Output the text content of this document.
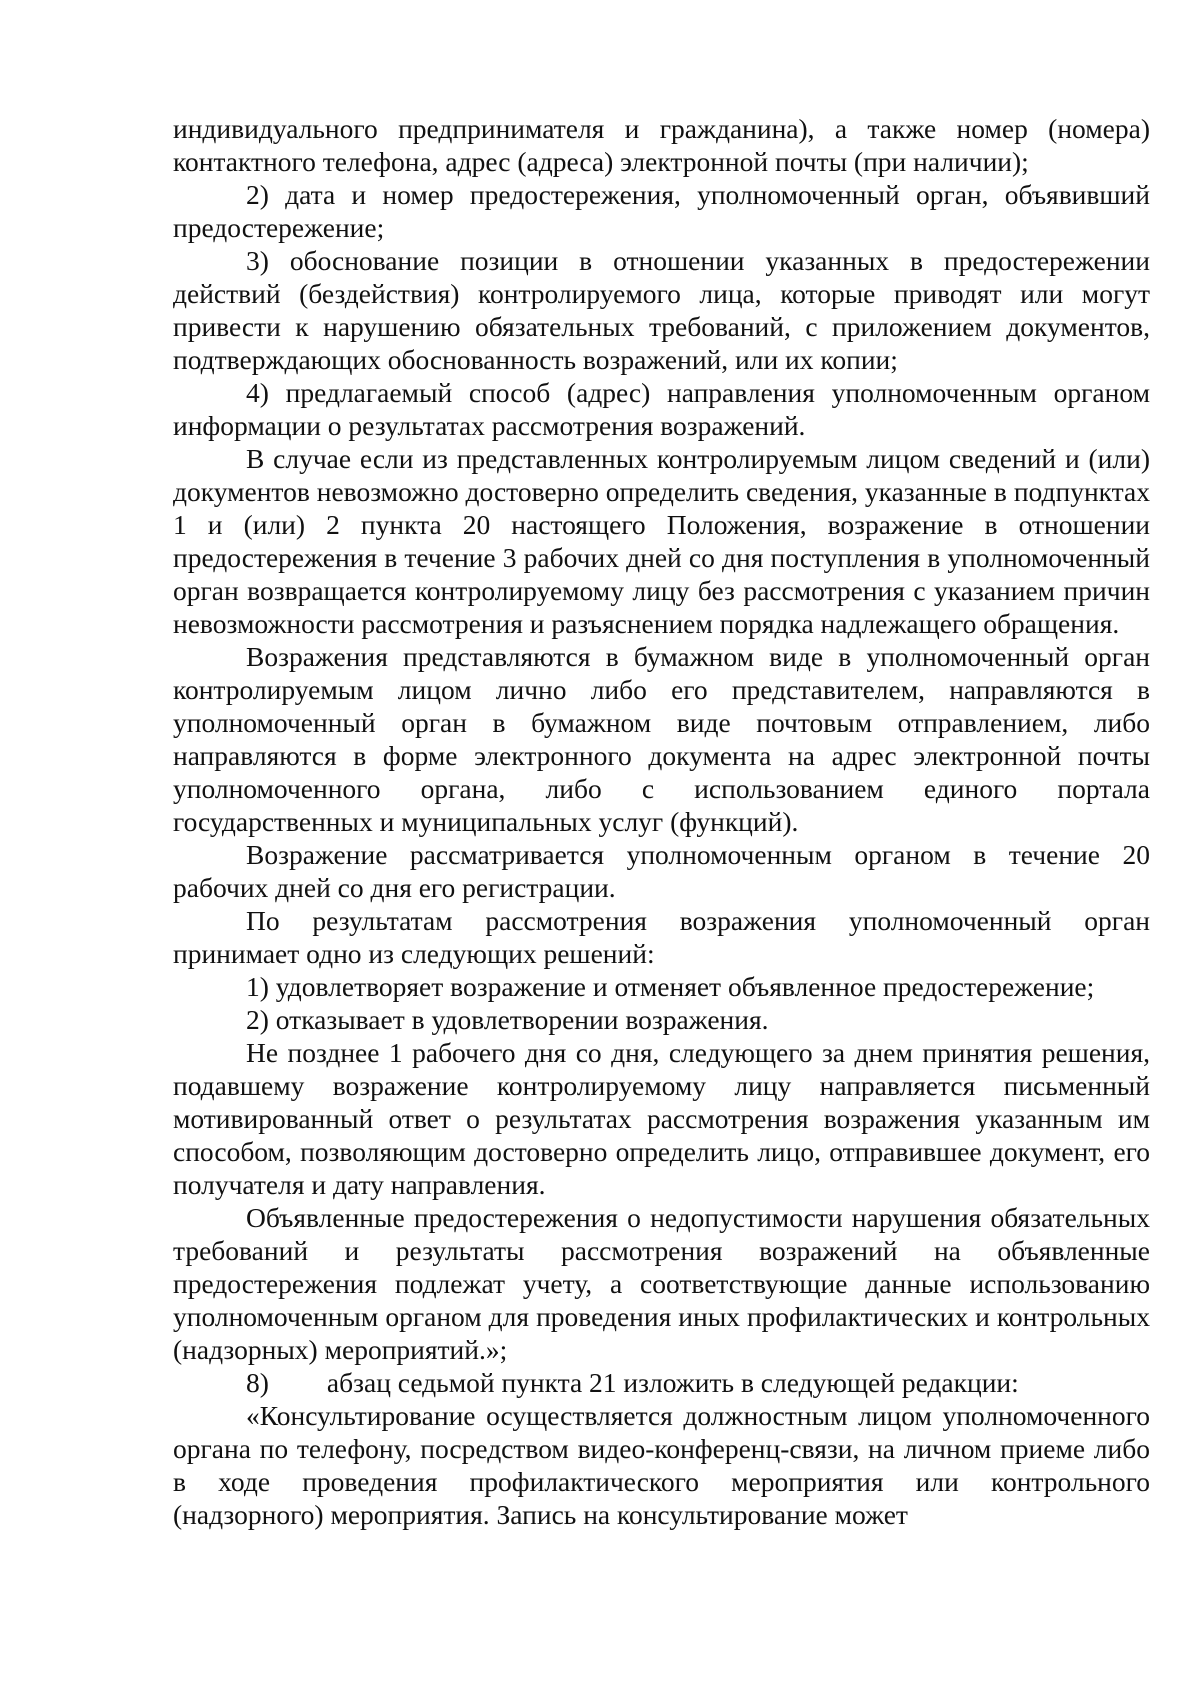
индивидуального предпринимателя и гражданина), а также номер (номера) контактного телефона, адрес (адреса) электронной почты (при наличии);

2) дата и номер предостережения, уполномоченный орган, объявивший предостережение;

3) обоснование позиции в отношении указанных в предостережении действий (бездействия) контролируемого лица, которые приводят или могут привести к нарушению обязательных требований, с приложением документов, подтверждающих обоснованность возражений, или их копии;

4) предлагаемый способ (адрес) направления уполномоченным органом информации о результатах рассмотрения возражений.

В случае если из представленных контролируемым лицом сведений и (или) документов невозможно достоверно определить сведения, указанные в подпунктах 1 и (или) 2 пункта 20 настоящего Положения, возражение в отношении предостережения в течение 3 рабочих дней со дня поступления в уполномоченный орган возвращается контролируемому лицу без рассмотрения с указанием причин невозможности рассмотрения и разъяснением порядка надлежащего обращения.

Возражения представляются в бумажном виде в уполномоченный орган контролируемым лицом лично либо его представителем, направляются в уполномоченный орган в бумажном виде почтовым отправлением, либо направляются в форме электронного документа на адрес электронной почты уполномоченного органа, либо с использованием единого портала государственных и муниципальных услуг (функций).

Возражение рассматривается уполномоченным органом в течение 20 рабочих дней со дня его регистрации.

По результатам рассмотрения возражения уполномоченный орган принимает одно из следующих решений:

1) удовлетворяет возражение и отменяет объявленное предостережение;

2) отказывает в удовлетворении возражения.

Не позднее 1 рабочего дня со дня, следующего за днем принятия решения, подавшему возражение контролируемому лицу направляется письменный мотивированный ответ о результатах рассмотрения возражения указанным им способом, позволяющим достоверно определить лицо, отправившее документ, его получателя и дату направления.

Объявленные предостережения о недопустимости нарушения обязательных требований и результаты рассмотрения возражений на объявленные предостережения подлежат учету, а соответствующие данные использованию уполномоченным органом для проведения иных профилактических и контрольных (надзорных) мероприятий.»;

8) абзац седьмой пункта 21 изложить в следующей редакции:

«Консультирование осуществляется должностным лицом уполномоченного органа по телефону, посредством видео-конференц-связи, на личном приеме либо в ходе проведения профилактического мероприятия или контрольного (надзорного) мероприятия. Запись на консультирование может
